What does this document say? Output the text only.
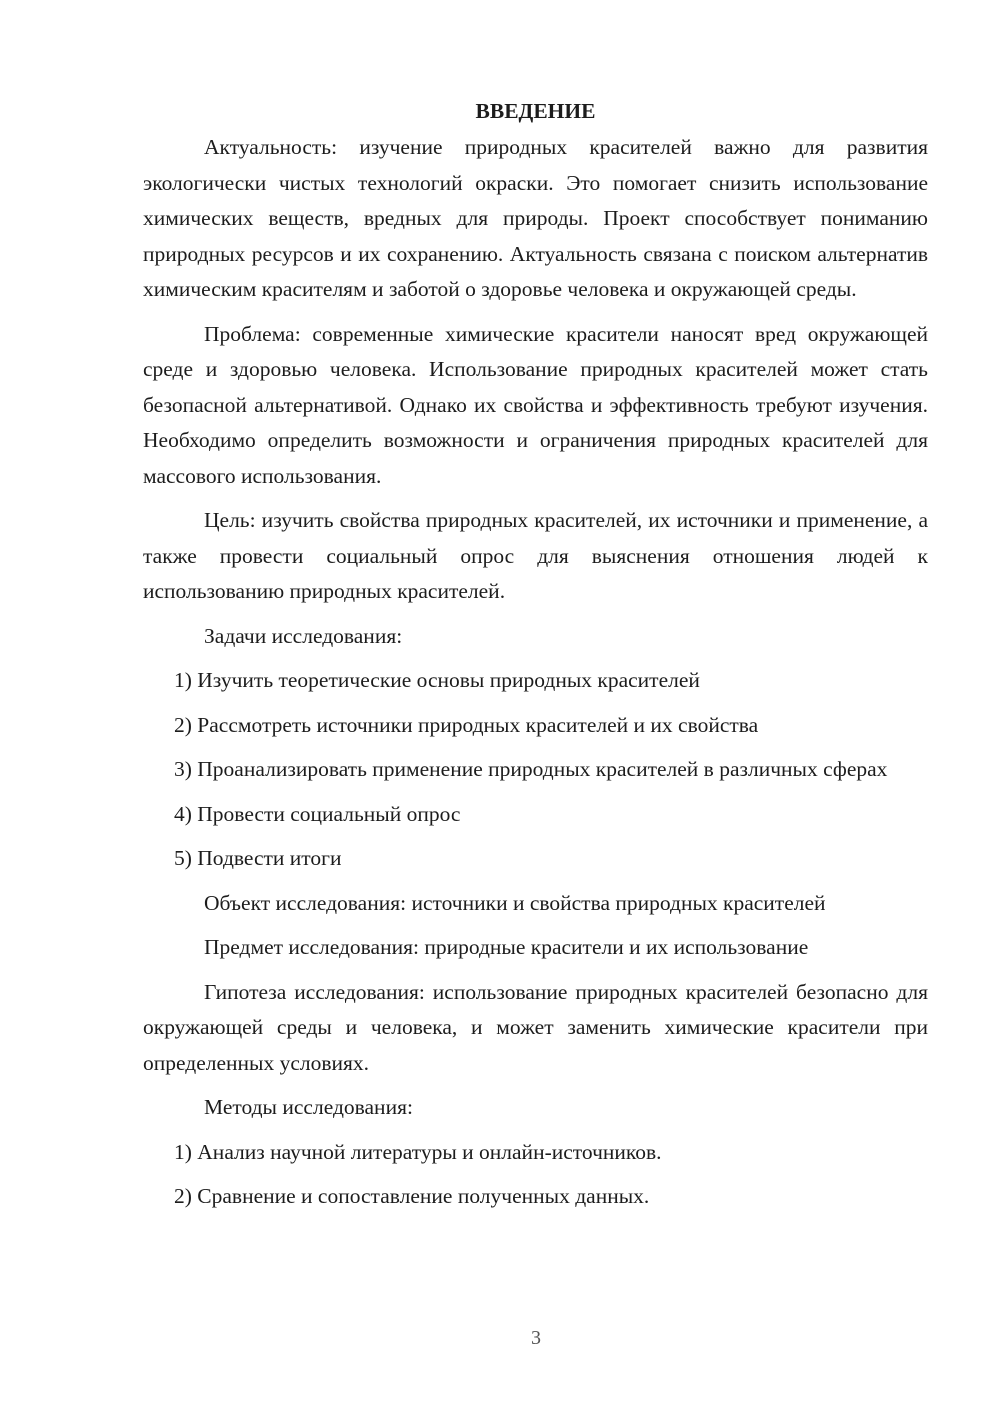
ВВЕДЕНИЕ

Актуальность: изучение природных красителей важно для развития экологически чистых технологий окраски. Это помогает снизить использование химических веществ, вредных для природы. Проект способствует пониманию природных ресурсов и их сохранению. Актуальность связана с поиском альтернатив химическим красителям и заботой о здоровье человека и окружающей среды.

Проблема: современные химические красители наносят вред окружающей среде и здоровью человека. Использование природных красителей может стать безопасной альтернативой. Однако их свойства и эффективность требуют изучения. Необходимо определить возможности и ограничения природных красителей для массового использования.

Цель: изучить свойства природных красителей, их источники и применение, а также провести социальный опрос для выяснения отношения людей к использованию природных красителей.

Задачи исследования:

1) Изучить теоретические основы природных красителей

2) Рассмотреть источники природных красителей и их свойства

3) Проанализировать применение природных красителей в различных сферах

4) Провести социальный опрос

5) Подвести итоги

Объект исследования: источники и свойства природных красителей

Предмет исследования: природные красители и их использование

Гипотеза исследования: использование природных красителей безопасно для окружающей среды и человека, и может заменить химические красители при определенных условиях.

Методы исследования:

1) Анализ научной литературы и онлайн-источников.

2) Сравнение и сопоставление полученных данных.

3
